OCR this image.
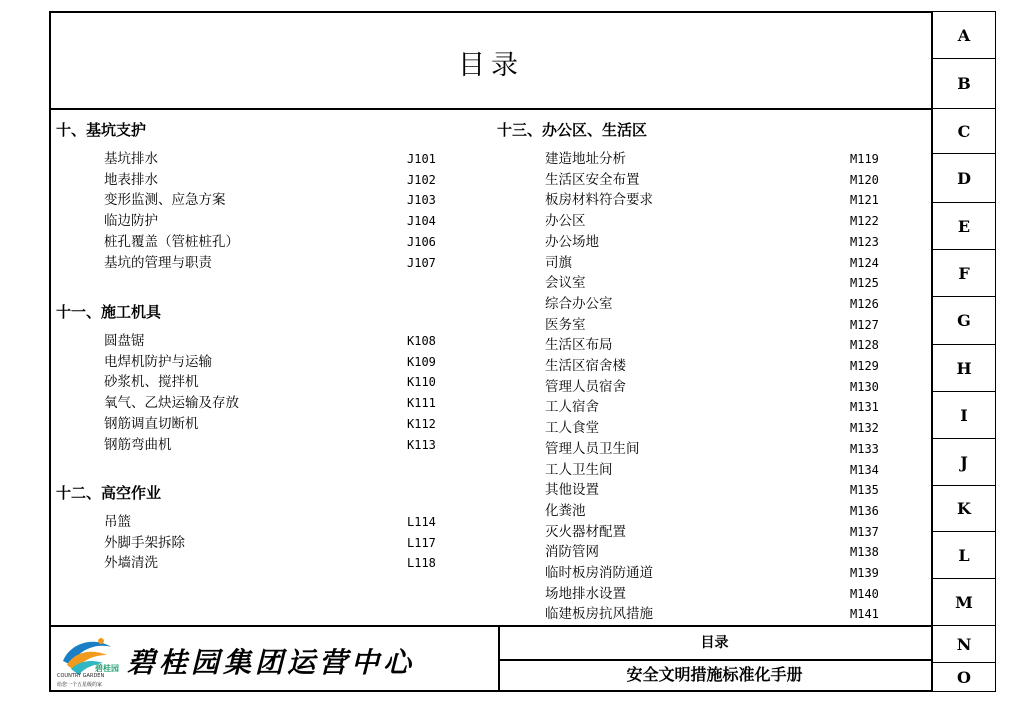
目录
十、基坑支护
基坑排水	J101
地表排水	J102
变形监测、应急方案	J103
临边防护	J104
桩孔覆盖（管桩桩孔）	J106
基坑的管理与职责	J107
十一、施工机具
圆盘锯	K108
电焊机防护与运输	K109
砂浆机、搅拌机	K110
氧气、乙炔运输及存放	K111
钢筋调直切断机	K112
钢筋弯曲机	K113
十二、高空作业
吊篮	L114
外脚手架拆除	L117
外墙清洗	L118
十三、办公区、生活区
建造地址分析	M119
生活区安全布置	M120
板房材料符合要求	M121
办公区	M122
办公场地	M123
司旗	M124
会议室	M125
综合办公室	M126
医务室	M127
生活区布局	M128
生活区宿舍楼	M129
管理人员宿舍	M130
工人宿舍	M131
工人食堂	M132
管理人员卫生间	M133
工人卫生间	M134
其他设置	M135
化粪池	M136
灭火器材配置	M137
消防管网	M138
临时板房消防通道	M139
场地排水设置	M140
临建板房抗风措施	M141
碧桂园
COUNTRY GARDEN
给您一个五星级的家
碧桂园集团运营中心
目录
安全文明措施标准化手册
A
B
C
D
E
F
G
H
I
J
K
L
M
N
O
